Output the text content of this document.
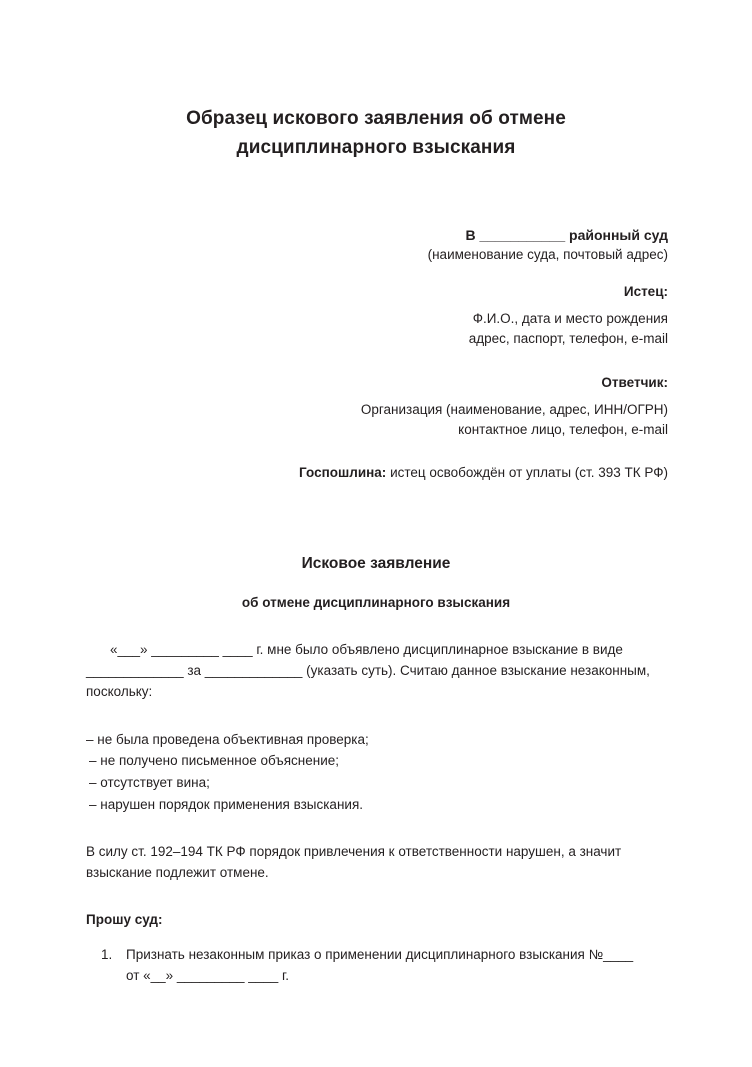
Образец искового заявления об отмене
дисциплинарного взыскания
В ___________ районный суд
(наименование суда, почтовый адрес)
Истец:
Ф.И.О., дата и место рождения
адрес, паспорт, телефон, e-mail
Ответчик:
Организация (наименование, адрес, ИНН/ОГРН)
контактное лицо, телефон, e-mail
Госпошлина: истец освобождён от уплаты (ст. 393 ТК РФ)
Исковое заявление
об отмене дисциплинарного взыскания
«___» _________ ____ г. мне было объявлено дисциплинарное взыскание в виде _____________ за _____________ (указать суть). Считаю данное взыскание незаконным, поскольку:
– не была проведена объективная проверка;
– не получено письменное объяснение;
– отсутствует вина;
– нарушен порядок применения взыскания.
В силу ст. 192–194 ТК РФ порядок привлечения к ответственности нарушен, а значит взыскание подлежит отмене.
Прошу суд:
1. Признать незаконным приказ о применении дисциплинарного взыскания №____
от «__» _________ ____ г.
